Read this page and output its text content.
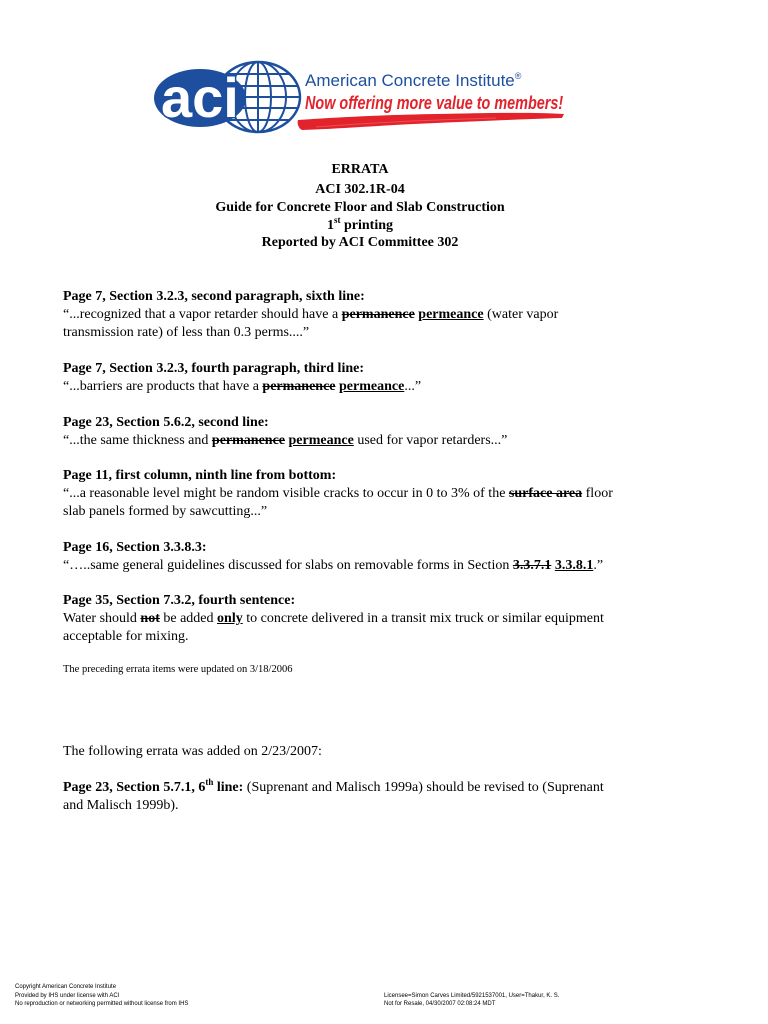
aci	American Concrete Institute®
Now offering more value to members!
ERRATA
ACI 302.1R-04
Guide for Concrete Floor and Slab Construction
1st printing
Reported by ACI Committee 302
Page 7, Section 3.2.3, second paragraph, sixth line:
“...recognized that a vapor retarder should have a permanence permeance (water vapor
transmission rate) of less than 0.3 perms....”
Page 7, Section 3.2.3, fourth paragraph, third line:
“...barriers are products that have a permanence permeance...”
Page 23, Section 5.6.2, second line:
“...the same thickness and permanence permeance used for vapor retarders...”
Page 11, first column, ninth line from bottom:
“...a reasonable level might be random visible cracks to occur in 0 to 3% of the surface area floor
slab panels formed by sawcutting...”
Page 16, Section 3.3.8.3:
“…..same general guidelines discussed for slabs on removable forms in Section 3.3.7.1 3.3.8.1.”
Page 35, Section 7.3.2, fourth sentence:
Water should not be added only to concrete delivered in a transit mix truck or similar equipment
acceptable for mixing.
The preceding errata items were updated on 3/18/2006
The following errata was added on 2/23/2007:
Page 23, Section 5.7.1, 6th line: (Suprenant and Malisch 1999a) should be revised to (Suprenant
and Malisch 1999b).
Copyright American Concrete Institute
Provided by IHS under license with ACI
No reproduction or networking permitted without license from IHS
Licensee=Simon Carves Limited/5921537001, User=Thakur, K. S.
Not for Resale, 04/30/2007 02:08:24 MDT
